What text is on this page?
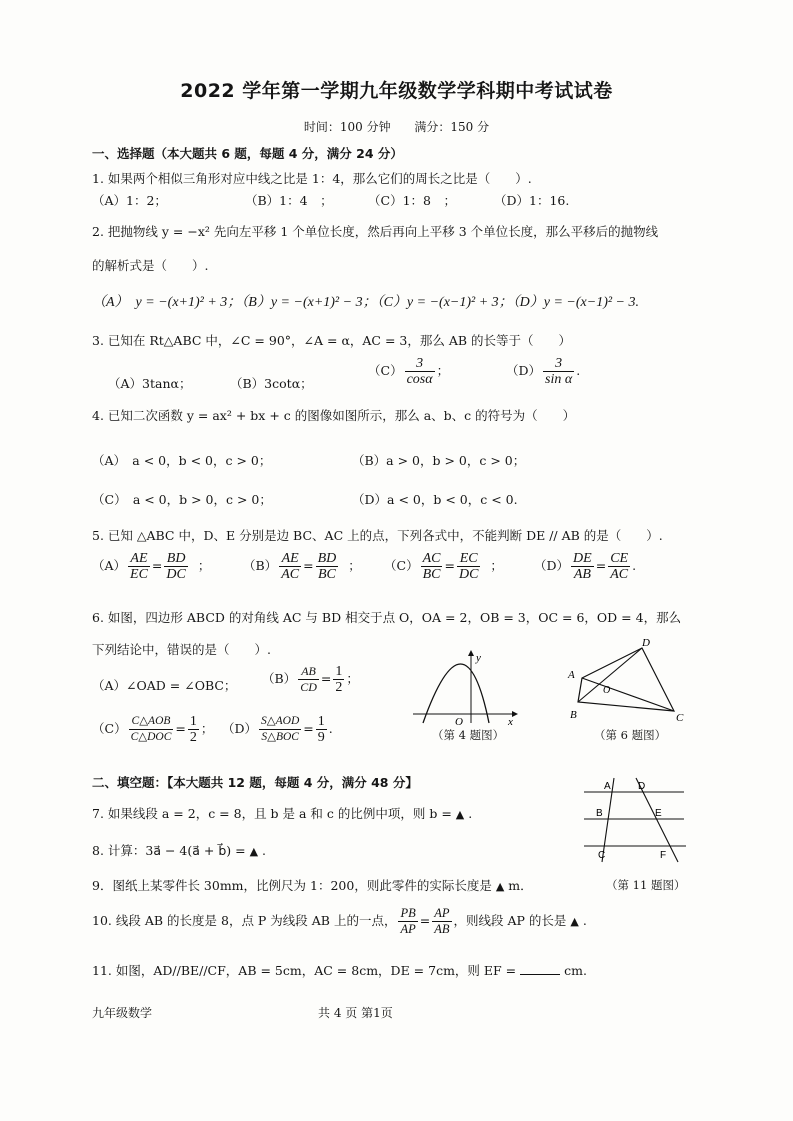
2022 学年第一学期九年级数学学科期中考试试卷
时间：100 分钟 满分：150 分
一、选择题（本大题共 6 题，每题 4 分，满分 24 分）
1. 如果两个相似三角形对应中线之比是 1：4，那么它们的周长之比是（　　）.
（A）1：2；	（B）1：4　；	（C）1：8　；	（D）1：16.
2. 把抛物线 y = −x² 先向左平移 1 个单位长度，然后再向上平移 3 个单位长度，那么平移后的抛物线
的解析式是（　　）.
（A）　y = −(x+1)² + 3；（B）y = −(x+1)² − 3；（C）y = −(x−1)² + 3；（D）y = −(x−1)² − 3.
3. 已知在 Rt△ABC 中，∠C = 90°，∠A = α，AC = 3，那么 AB 的长等于（　　）
（A）3tanα；	（B）3cotα；
$(C) \frac{3}{\cos\alpha}$ ；	$(D) \frac{3}{\text{sin α}}$ .
4. 已知二次函数 y = ax² + bx + c 的图像如图所示，那么 a、b、c 的符号为（　　）
（A）　a < 0，b < 0，c > 0；	（B）a > 0，b > 0，c > 0；
（C）　a < 0，b > 0，c > 0；	（D）a < 0，b < 0，c < 0.
5. 已知 △ABC 中，D、E 分别是边 BC、AC 上的点，下列各式中，不能判断 DE // AB 的是（　　）.
$(A) \frac{AE}{EC} = \frac{BD}{DC}$ ；	$(B) \frac{AE}{AC} = \frac{BD}{BC}$ ； $(C) \frac{AC}{BC} = \frac{EC}{DC}$ ； $(D) \frac{DE}{AB} = \frac{CE}{AC}$ .
6. 如图，四边形 ABCD 的对角线 AC 与 BD 相交于点 O，OA = 2，OB = 3，OC = 6，OD = 4，那么
下列结论中，错误的是（　　）.
（A）∠OAD = ∠OBC； $(B) \frac{AB}{CD} = \frac{1}{2}$ ；
$(C) \frac{\text{C△AOB}}{\text{C△DOC}} = \frac{1}{2}$ ； $(D) \frac{\text{S△AOD}}{\text{S△BOC}} = \frac{1}{9}$ .
y
x
O
（第 4 题图）
A
D
B	C
O
（第 6 题图）
二、填空题：【本大题共 12 题，每题 4 分，满分 48 分】	A	D
B	E
C	F
7. 如果线段 a = 2，c = 8，且 b 是 a 和 c 的比例中项，则 b = ▲ .
8. 计算：3a⃗ − 4(a⃗ + b⃗) = ▲ .
9．图纸上某零件长 30mm，比例尺为 1：200，则此零件的实际长度是 ▲ m．	（第 11 题图）
10. 线段 AB 的长度是 8，点 P 为线段 AB 上的一点， $\frac{PB}{AP} = \frac{AP}{AB}$ ，则线段 AP 的长是 ▲ .
11. 如图，AD//BE//CF，AB = 5cm，AC = 8cm，DE = 7cm，则 EF =	cm.
九年级数学	共 4 页 第1页
